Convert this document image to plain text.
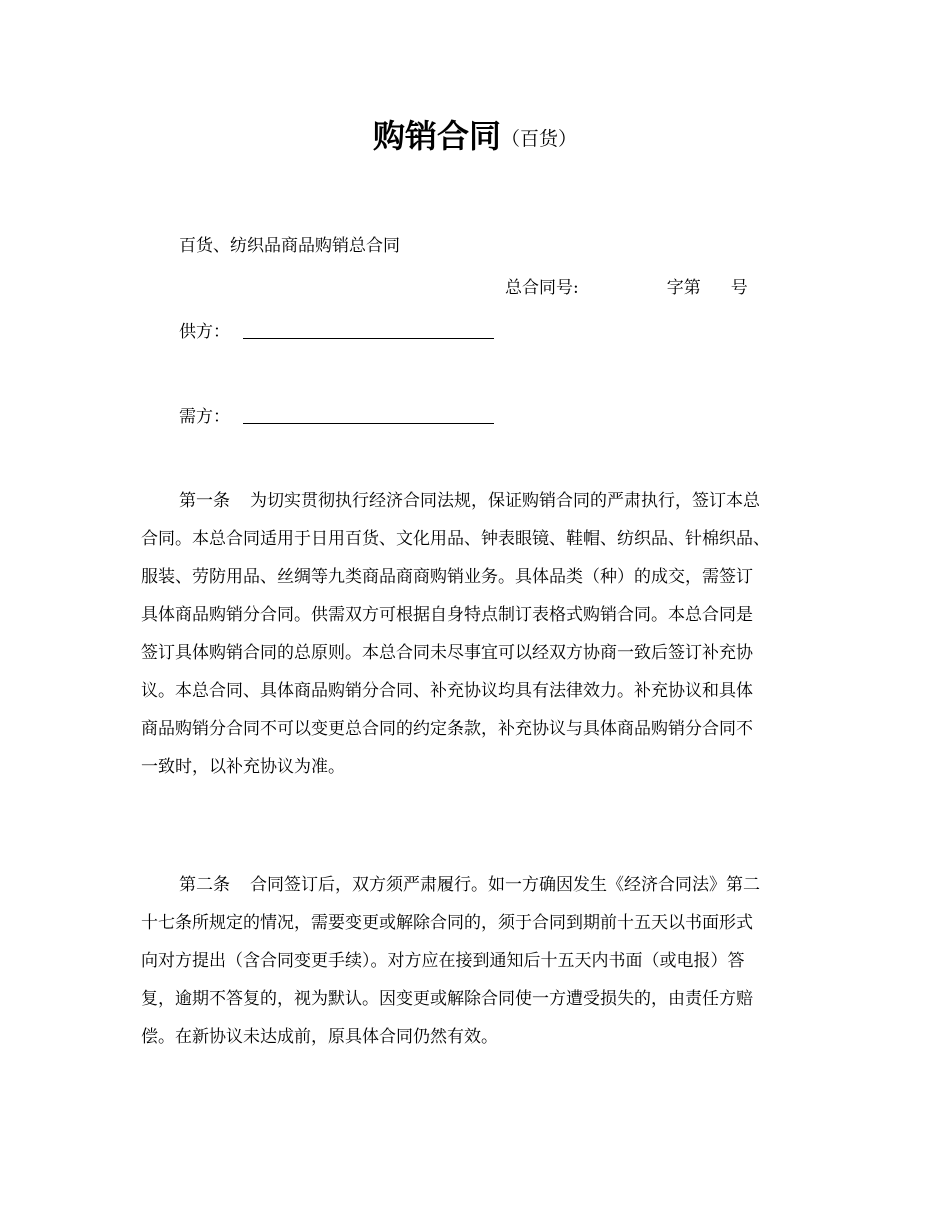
购销合同（百货）
百货、纺织品商品购销总合同
总合同号:	字第 号
供方：
需方：
第一条 为切实贯彻执行经济合同法规，保证购销合同的严肃执行，签订本总
合同。本总合同适用于日用百货、文化用品、钟表眼镜、鞋帽、纺织品、针棉织品、
服装、劳防用品、丝绸等九类商品商商购销业务。具体品类（种）的成交，需签订
具体商品购销分合同。供需双方可根据自身特点制订表格式购销合同。本总合同是
签订具体购销合同的总原则。本总合同未尽事宜可以经双方协商一致后签订补充协
议。本总合同、具体商品购销分合同、补充协议均具有法律效力。补充协议和具体
商品购销分合同不可以变更总合同的约定条款，补充协议与具体商品购销分合同不
一致时，以补充协议为准。
第二条 合同签订后，双方须严肃履行。如一方确因发生《经济合同法》第二
十七条所规定的情况，需要变更或解除合同的，须于合同到期前十五天以书面形式
向对方提出（含合同变更手续）。对方应在接到通知后十五天内书面（或电报）答
复，逾期不答复的，视为默认。因变更或解除合同使一方遭受损失的，由责任方赔
偿。在新协议未达成前，原具体合同仍然有效。
